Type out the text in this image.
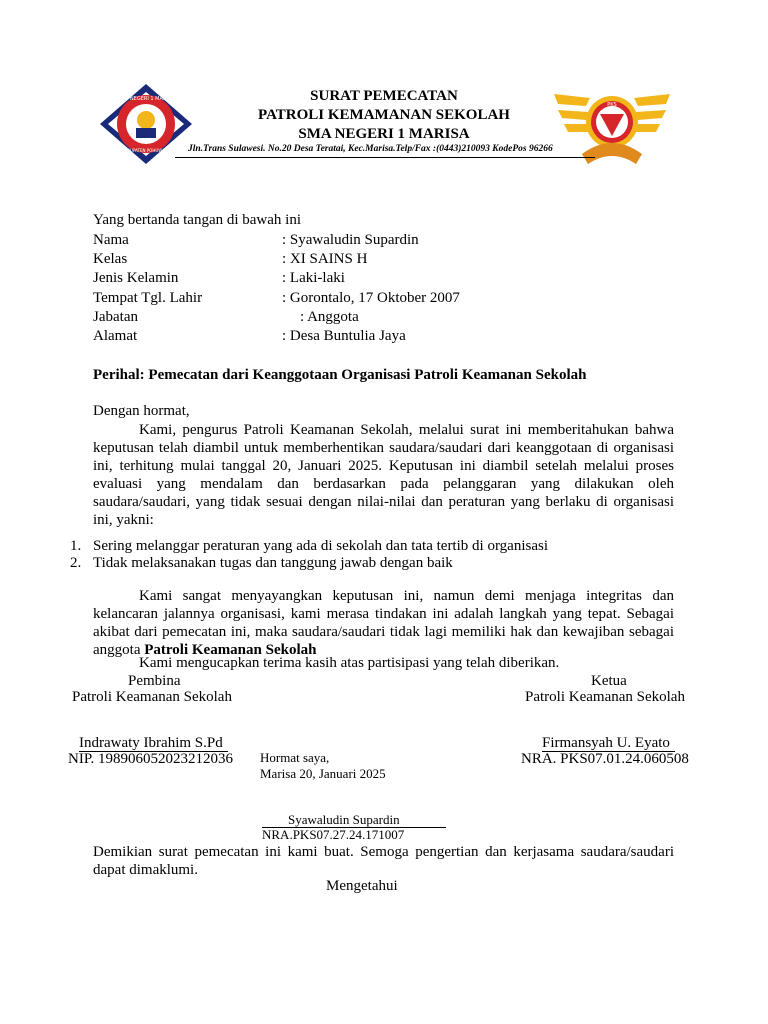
SMA NEGERI 1 MARISA
KABUPATEN POHUWATO
PKS
SURAT PEMECATAN
PATROLI KEMAMANAN SEKOLAH
SMA NEGERI 1 MARISA
Jln.Trans Sulawesi. No.20 Desa Teratai, Kec.Marisa.Telp/Fax :(0443)210093 KodePos 96266
Yang bertanda tangan di bawah ini
Nama	: Syawaludin Supardin
Kelas	: XI SAINS H
Jenis Kelamin	: Laki-laki
Tempat Tgl. Lahir	: Gorontalo, 17 Oktober 2007
Jabatan	: Anggota
Alamat	: Desa Buntulia Jaya
Perihal: Pemecatan dari Keanggotaan Organisasi Patroli Keamanan Sekolah
Dengan hormat,

Kami, pengurus Patroli Keamanan Sekolah, melalui surat ini memberitahukan bahwa keputusan telah diambil untuk memberhentikan saudara/saudari dari keanggotaan di organisasi ini, terhitung mulai tanggal 20, Januari 2025. Keputusan ini diambil setelah melalui proses evaluasi yang mendalam dan berdasarkan pada pelanggaran yang dilakukan oleh saudara/saudari, yang tidak sesuai dengan nilai-nilai dan peraturan yang berlaku di organisasi ini, yakni:

1. Sering melanggar peraturan yang ada di sekolah dan tata tertib di organisasi
2. Tidak melaksanakan tugas dan tanggung jawab dengan baik

Kami sangat menyayangkan keputusan ini, namun demi menjaga integritas dan kelancaran jalannya organisasi, kami merasa tindakan ini adalah langkah yang tepat. Sebagai akibat dari pemecatan ini, maka saudara/saudari tidak lagi memiliki hak dan kewajiban sebagai anggota Patroli Keamanan Sekolah

Kami mengucapkan terima kasih atas partisipasi yang telah diberikan.
Pembina
Patroli Keamanan Sekolah
Indrawaty Ibrahim S.Pd
NIP. 198906052023212036
Ketua
Patroli Keamanan Sekolah
Firmansyah U. Eyato
NRA. PKS07.01.24.060508
Hormat saya,
Marisa 20, Januari 2025
Syawaludin Supardin
NRA.PKS07.27.24.171007

Demikian surat pemecatan ini kami buat. Semoga pengertian dan kerjasama saudara/saudari dapat dimaklumi.

Mengetahui
